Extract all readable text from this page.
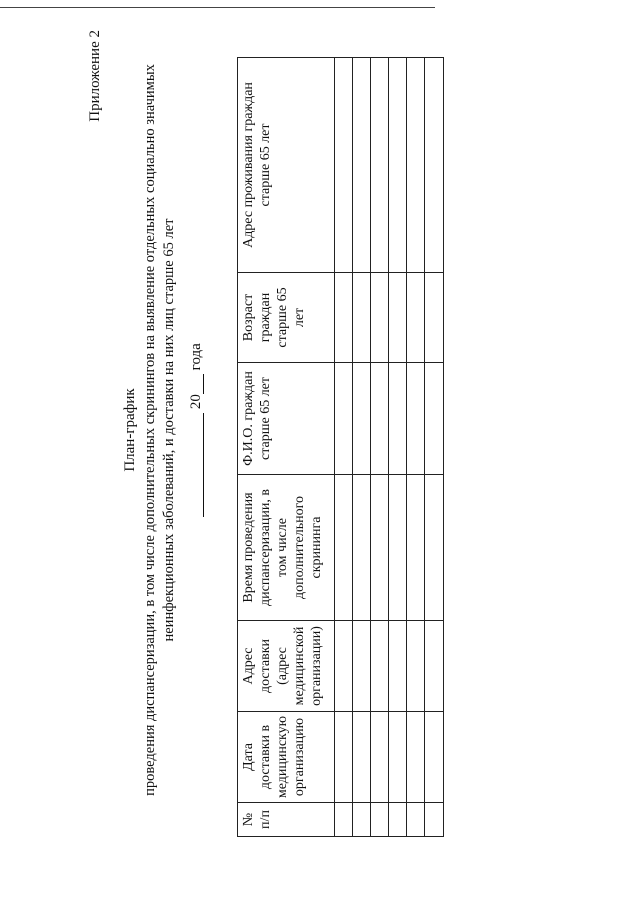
Приложение 2
План-график проведения диспансеризации, в том числе дополнительных скринингов на выявление отдельных социально значимых неинфекционных заболеваний, и доставки на них лиц старше 65 лет 20 года
№ п/п	Дата доставки в медицинскую организацию	Адрес доставки (адрес медицинской организации)	Время проведения диспансеризации, в том числе дополнительного скрининга	Ф.И.О. граждан старше 65 лет	Возраст граждан старше 65 лет	Адрес проживания граждан старше 65 лет
